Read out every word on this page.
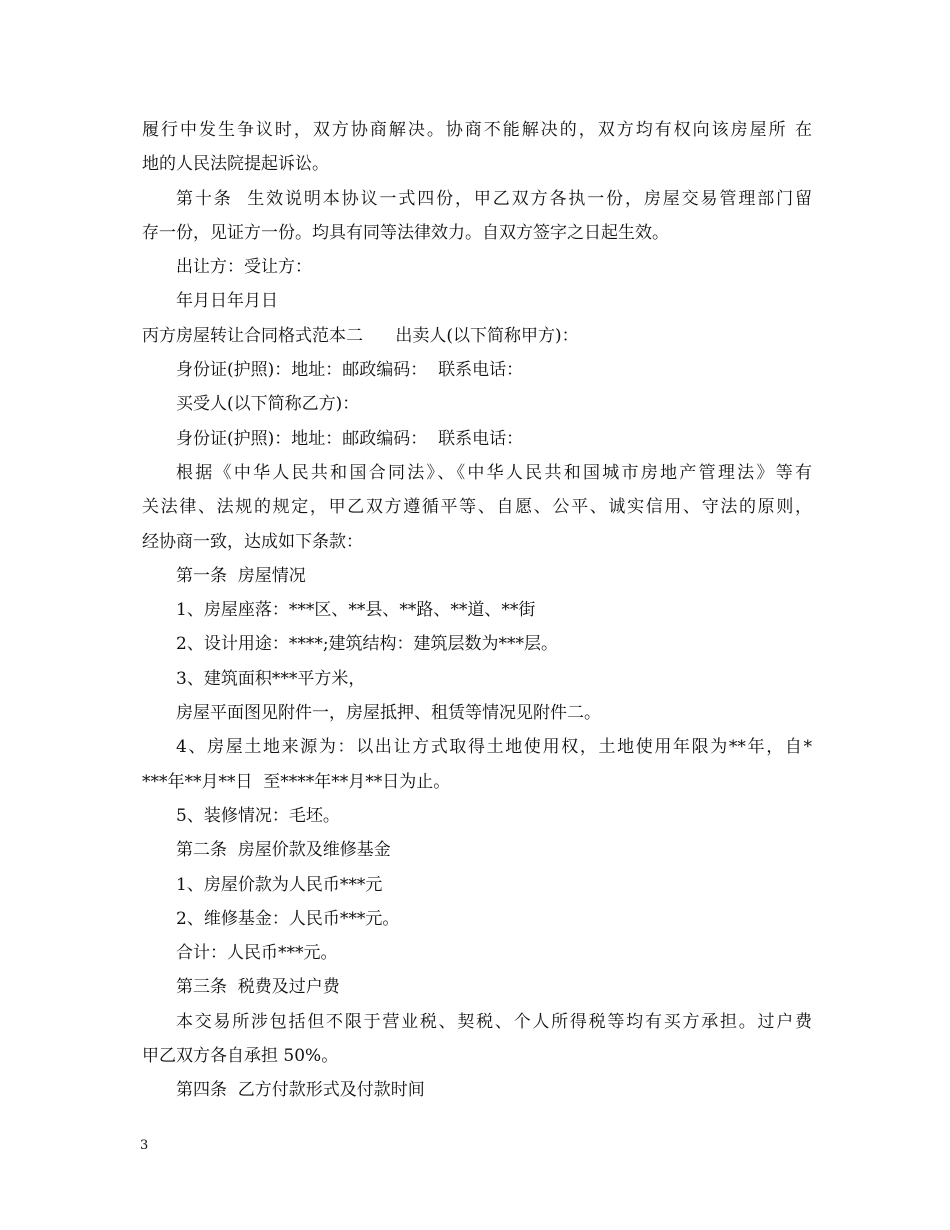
履行中发生争议时，双方协商解决。协商不能解决的，双方均有权向该房屋所 在
地的人民法院提起诉讼。
第十条  生效说明本协议一式四份，甲乙双方各执一份，房屋交易管理部门留
存一份，见证方一份。均具有同等法律效力。自双方签字之日起生效。
出让方：受让方：
年月日年月日
丙方房屋转让合同格式范本二      出卖人(以下简称甲方)：
身份证(护照)：地址：邮政编码：  联系电话：
买受人(以下简称乙方)：
身份证(护照)：地址：邮政编码：  联系电话：
根据《中华人民共和国合同法》、《中华人民共和国城市房地产管理法》等有
关法律、法规的规定，甲乙双方遵循平等、自愿、公平、诚实信用、守法的原则，
经协商一致，达成如下条款：
第一条  房屋情况
1、房屋座落：***区、**县、**路、**道、**街
2、设计用途：****;建筑结构：建筑层数为***层。
3、建筑面积***平方米，
房屋平面图见附件一，房屋抵押、租赁等情况见附件二。
4、房屋土地来源为：以出让方式取得土地使用权，土地使用年限为**年，自*
***年**月**日  至****年**月**日为止。
5、装修情况：毛坯。
第二条  房屋价款及维修基金
1、房屋价款为人民币***元
2、维修基金：人民币***元。
合计：人民币***元。
第三条  税费及过户费
本交易所涉包括但不限于营业税、契税、个人所得税等均有买方承担。过户费
甲乙双方各自承担 50%。
第四条  乙方付款形式及付款时间
3
